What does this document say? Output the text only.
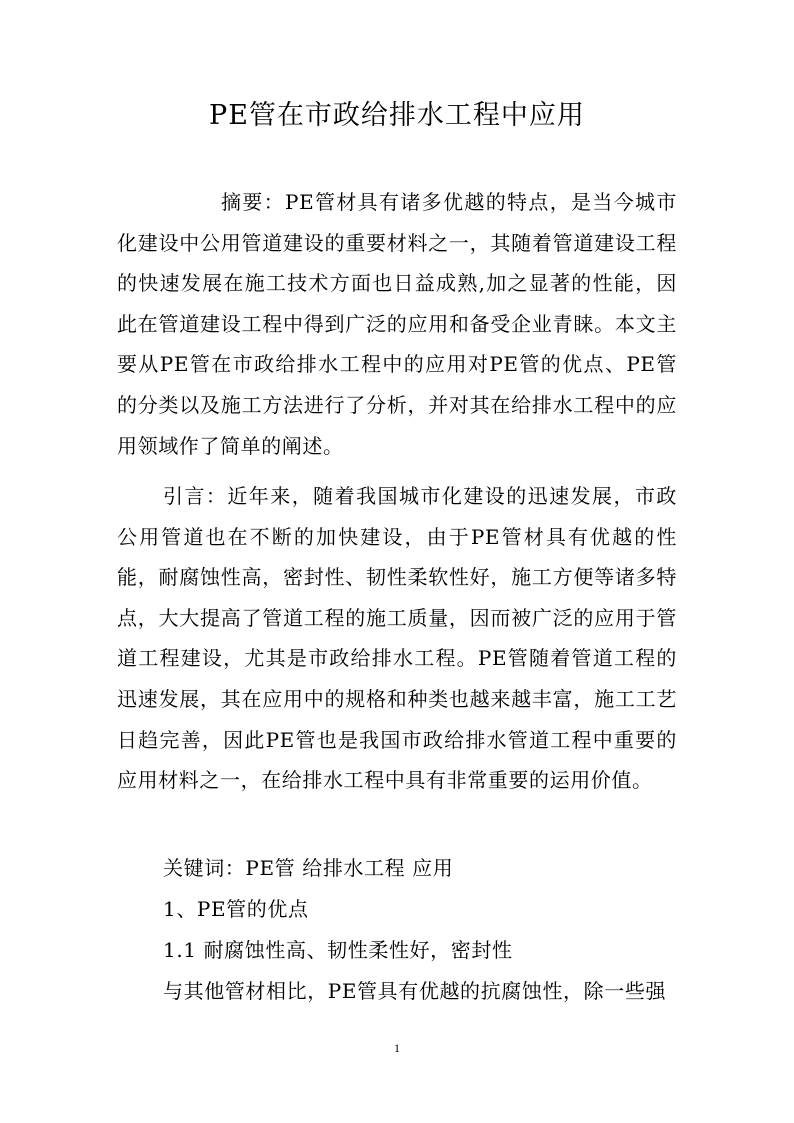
PE管在市政给排水工程中应用
摘要：PE管材具有诸多优越的特点，是当今城市化建设中公用管道建设的重要材料之一，其随着管道建设工程的快速发展在施工技术方面也日益成熟,加之显著的性能，因此在管道建设工程中得到广泛的应用和备受企业青睐。本文主要从PE管在市政给排水工程中的应用对PE管的优点、PE管的分类以及施工方法进行了分析，并对其在给排水工程中的应用领域作了简单的阐述。
引言：近年来，随着我国城市化建设的迅速发展，市政公用管道也在不断的加快建设，由于PE管材具有优越的性能，耐腐蚀性高，密封性、韧性柔软性好，施工方便等诸多特点，大大提高了管道工程的施工质量，因而被广泛的应用于管道工程建设，尤其是市政给排水工程。PE管随着管道工程的迅速发展，其在应用中的规格和种类也越来越丰富，施工工艺日趋完善，因此PE管也是我国市政给排水管道工程中重要的应用材料之一，在给排水工程中具有非常重要的运用价值。
关键词：PE管 给排水工程 应用
1、PE管的优点
1.1 耐腐蚀性高、韧性柔性好，密封性
与其他管材相比，PE管具有优越的抗腐蚀性，除一些强
1
